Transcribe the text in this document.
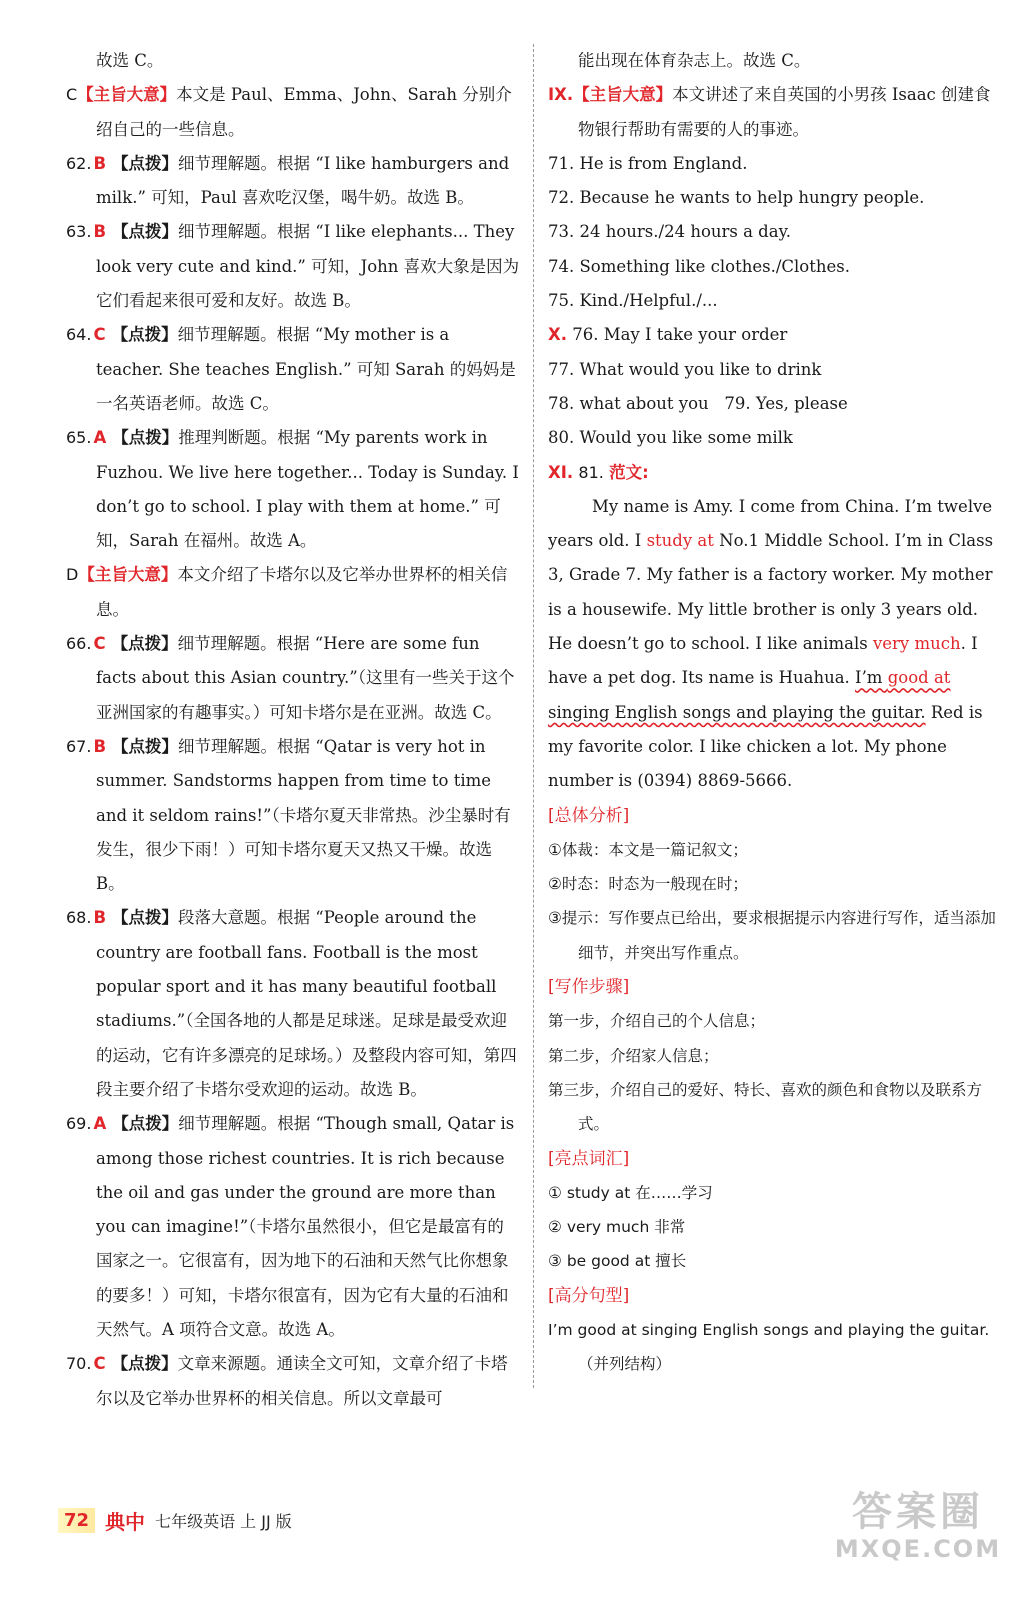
故选 C。

C【主旨大意】本文是 Paul、Emma、John、Sarah 分别介绍自己的一些信息。

62. B 【点拨】细节理解题。根据 “I like hamburgers and milk.” 可知，Paul 喜欢吃汉堡，喝牛奶。故选 B。

63. B 【点拨】细节理解题。根据 “I like elephants... They look very cute and kind.” 可知，John 喜欢大象是因为它们看起来很可爱和友好。故选 B。

64. C 【点拨】细节理解题。根据 “My mother is a teacher. She teaches English.” 可知 Sarah 的妈妈是一名英语老师。故选 C。

65. A 【点拨】推理判断题。根据 “My parents work in Fuzhou. We live here together... Today is Sunday. I don’t go to school. I play with them at home.” 可知，Sarah 在福州。故选 A。

D【主旨大意】本文介绍了卡塔尔以及它举办世界杯的相关信息。

66. C 【点拨】细节理解题。根据 “Here are some fun facts about this Asian country.”（这里有一些关于这个亚洲国家的有趣事实。）可知卡塔尔是在亚洲。故选 C。

67. B 【点拨】细节理解题。根据 “Qatar is very hot in summer. Sandstorms happen from time to time and it seldom rains!”（卡塔尔夏天非常热。沙尘暴时有发生，很少下雨！）可知卡塔尔夏天又热又干燥。故选 B。

68. B 【点拨】段落大意题。根据 “People around the country are football fans. Football is the most popular sport and it has many beautiful football stadiums.”（全国各地的人都是足球迷。足球是最受欢迎的运动，它有许多漂亮的足球场。）及整段内容可知，第四段主要介绍了卡塔尔受欢迎的运动。故选 B。

69. A 【点拨】细节理解题。根据 “Though small, Qatar is among those richest countries. It is rich because the oil and gas under the ground are more than you can imagine!”（卡塔尔虽然很小，但它是最富有的国家之一。它很富有，因为地下的石油和天然气比你想象的要多！）可知，卡塔尔很富有，因为它有大量的石油和天然气。A 项符合文意。故选 A。

70. C 【点拨】文章来源题。通读全文可知，文章介绍了卡塔尔以及它举办世界杯的相关信息。所以文章最可

能出现在体育杂志上。故选 C。

IX.【主旨大意】本文讲述了来自英国的小男孩 Isaac 创建食物银行帮助有需要的人的事迹。

71. He is from England.

72. Because he wants to help hungry people.

73. 24 hours./24 hours a day.

74. Something like clothes./Clothes.

75. Kind./Helpful./...

X. 76. May I take your order

77. What would you like to drink

78. what about you 79. Yes, please

80. Would you like some milk

XI. 81. 范文:

My name is Amy. I come from China. I’m twelve years old. I study at No.1 Middle School. I’m in Class 3, Grade 7. My father is a factory worker. My mother is a housewife. My little brother is only 3 years old. He doesn’t go to school. I like animals very much. I have a pet dog. Its name is Huahua. I’m good at singing English songs and playing the guitar. Red is my favorite color. I like chicken a lot. My phone number is (0394) 8869-5666.

[总体分析]

①体裁：本文是一篇记叙文；

②时态：时态为一般现在时；

③提示：写作要点已给出，要求根据提示内容进行写作，适当添加细节，并突出写作重点。

[写作步骤]

第一步，介绍自己的个人信息；

第二步，介绍家人信息；

第三步，介绍自己的爱好、特长、喜欢的颜色和食物以及联系方式。

[亮点词汇]

① study at 在……学习

② very much 非常

③ be good at 擅长

[高分句型]

I’m good at singing English songs and playing the guitar.（并列结构）

72 典中 七年级英语 上 JJ 版	答案圈
MXQE.COM
